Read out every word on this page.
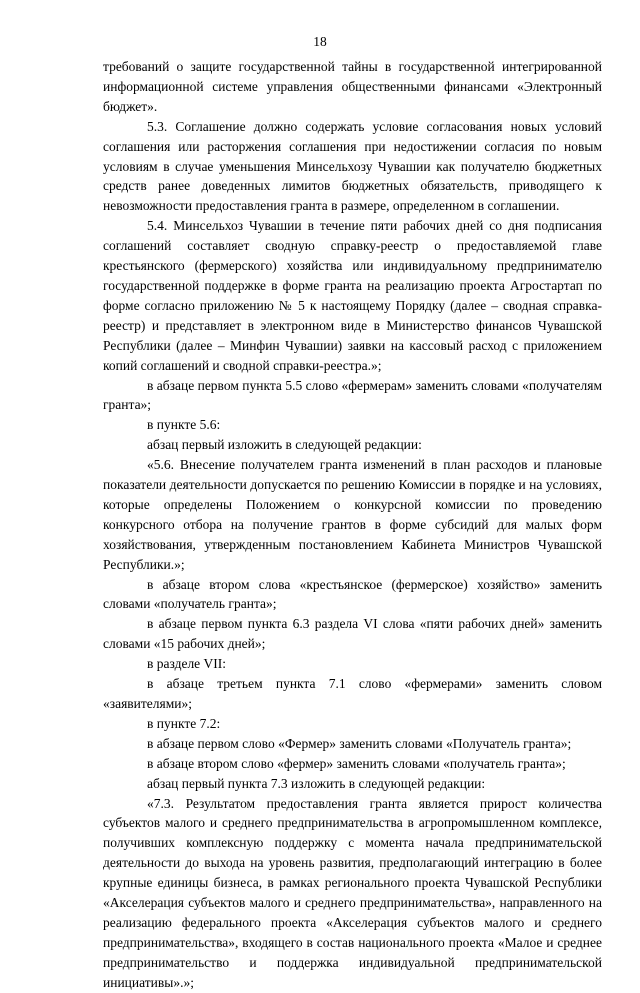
18

требований о защите государственной тайны в государственной интегрированной информационной системе управления общественными финансами «Электронный бюджет».

5.3. Соглашение должно содержать условие согласования новых условий соглашения или расторжения соглашения при недостижении согласия по новым условиям в случае уменьшения Минсельхозу Чувашии как получателю бюджетных средств ранее доведенных лимитов бюджетных обязательств, приводящего к невозможности предоставления гранта в размере, определенном в соглашении.

5.4. Минсельхоз Чувашии в течение пяти рабочих дней со дня подписания соглашений составляет сводную справку-реестр о предоставляемой главе крестьянского (фермерского) хозяйства или индивидуальному предпринимателю государственной поддержке в форме гранта на реализацию проекта Агростартап по форме согласно приложению № 5 к настоящему Порядку (далее – сводная справка-реестр) и представляет в электронном виде в Министерство финансов Чувашской Республики (далее – Минфин Чувашии) заявки на кассовый расход с приложением копий соглашений и сводной справки-реестра.»;

в абзаце первом пункта 5.5 слово «фермерам» заменить словами «получателям гранта»;

в пункте 5.6:

абзац первый изложить в следующей редакции:

«5.6. Внесение получателем гранта изменений в план расходов и плановые показатели деятельности допускается по решению Комиссии в порядке и на условиях, которые определены Положением о конкурсной комиссии по проведению конкурсного отбора на получение грантов в форме субсидий для малых форм хозяйствования, утвержденным постановлением Кабинета Министров Чувашской Республики.»;

в абзаце втором слова «крестьянское (фермерское) хозяйство» заменить словами «получатель гранта»;

в абзаце первом пункта 6.3 раздела VI слова «пяти рабочих дней» заменить словами «15 рабочих дней»;

в разделе VII:

в абзаце третьем пункта 7.1 слово «фермерами» заменить словом «заявителями»;

в пункте 7.2:

в абзаце первом слово «Фермер» заменить словами «Получатель гранта»;

в абзаце втором слово «фермер» заменить словами «получатель гранта»;

абзац первый пункта 7.3 изложить в следующей редакции:

«7.3. Результатом предоставления гранта является прирост количества субъектов малого и среднего предпринимательства в агропромышленном комплексе, получивших комплексную поддержку с момента начала предпринимательской деятельности до выхода на уровень развития, предполагающий интеграцию в более крупные единицы бизнеса, в рамках регионального проекта Чувашской Республики «Акселерация субъектов малого и среднего предпринимательства», направленного на реализацию федерального проекта «Акселерация субъектов малого и среднего предпринимательства», входящего в состав национального проекта «Малое и среднее предпринимательство и поддержка индивидуальной предпринимательской инициативы».»;
